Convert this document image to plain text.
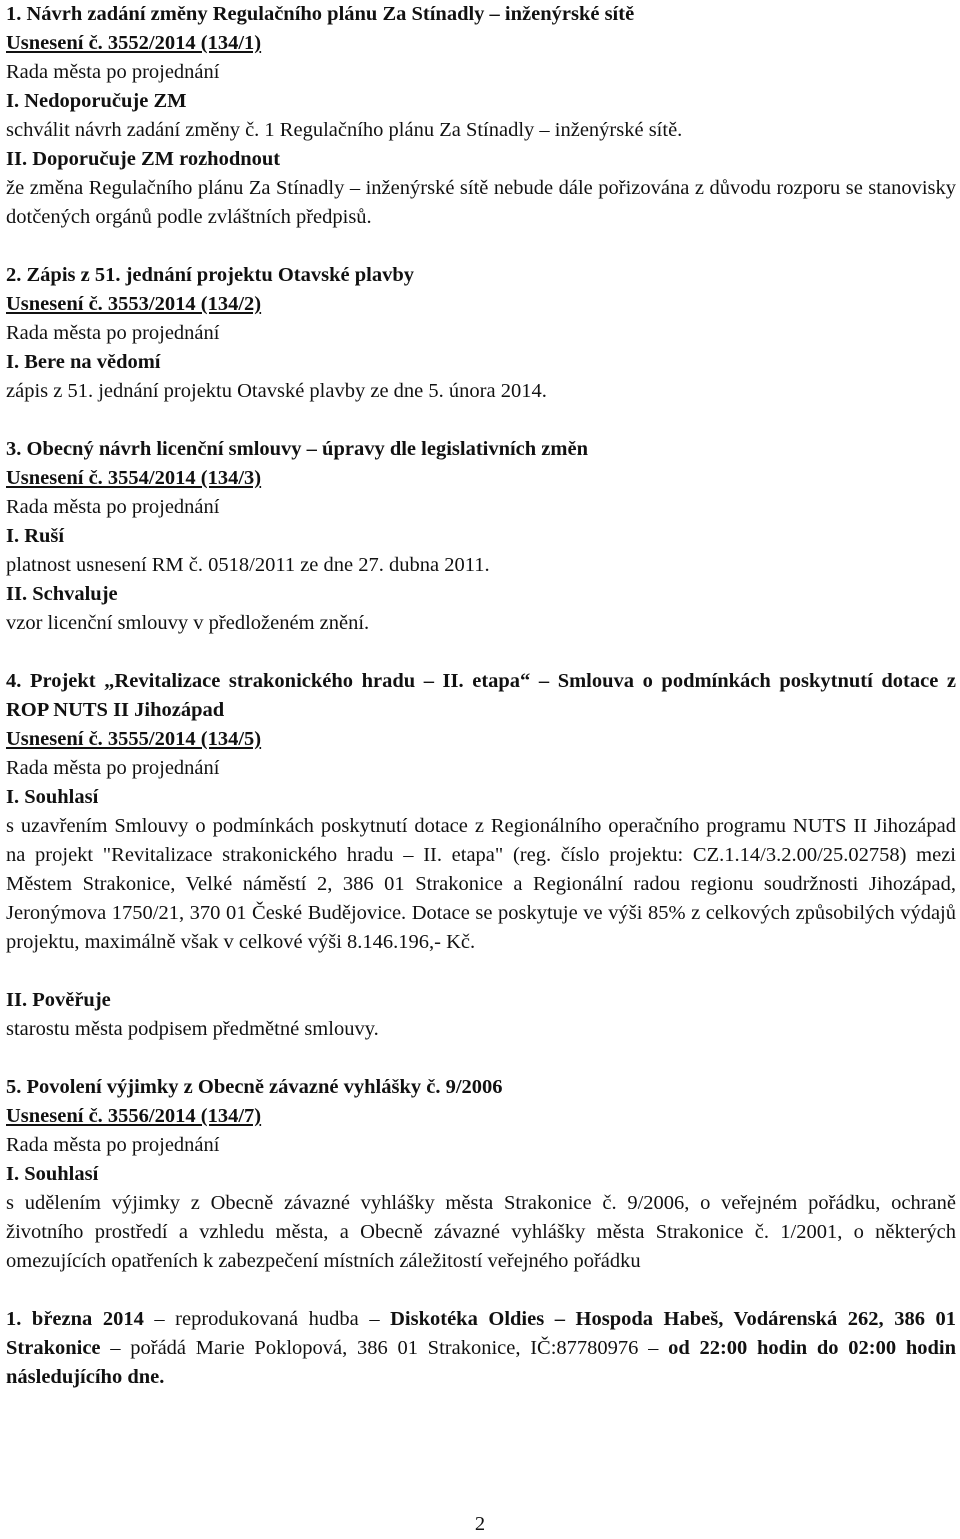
1. Návrh zadání změny Regulačního plánu Za Stínadly – inženýrské sítě
Usnesení č. 3552/2014 (134/1)
Rada města po projednání
I. Nedoporučuje ZM
schválit návrh zadání změny č. 1 Regulačního plánu Za Stínadly – inženýrské sítě.
II. Doporučuje ZM rozhodnout
že změna Regulačního plánu Za Stínadly – inženýrské sítě nebude dále pořizována z důvodu rozporu se stanovisky dotčených orgánů podle zvláštních předpisů.
2. Zápis z 51. jednání projektu Otavské plavby
Usnesení č. 3553/2014 (134/2)
Rada města po projednání
I. Bere na vědomí
zápis z 51. jednání projektu Otavské plavby ze dne 5. února 2014.
3. Obecný návrh licenční smlouvy – úpravy dle legislativních změn
Usnesení č. 3554/2014 (134/3)
Rada města po projednání
I. Ruší
platnost usnesení RM č. 0518/2011 ze dne 27. dubna 2011.
II. Schvaluje
vzor licenční smlouvy v předloženém znění.
4. Projekt „Revitalizace strakonického hradu – II. etapa“ – Smlouva o podmínkách poskytnutí dotace z ROP NUTS II Jihozápad
Usnesení č. 3555/2014 (134/5)
Rada města po projednání
I. Souhlasí
s uzavřením Smlouvy o podmínkách poskytnutí dotace z Regionálního operačního programu NUTS II Jihozápad na projekt "Revitalizace strakonického hradu – II. etapa" (reg. číslo projektu: CZ.1.14/3.2.00/25.02758) mezi Městem Strakonice, Velké náměstí 2, 386 01 Strakonice a Regionální radou regionu soudržnosti Jihozápad, Jeronýmova 1750/21, 370 01 České Budějovice. Dotace se poskytuje ve výši 85% z celkových způsobilých výdajů projektu, maximálně však v celkové výši 8.146.196,- Kč.
II. Pověřuje
starostu města podpisem předmětné smlouvy.
5. Povolení výjimky z Obecně závazné vyhlášky č. 9/2006
Usnesení č. 3556/2014 (134/7)
Rada města po projednání
I. Souhlasí
s udělením výjimky z Obecně závazné vyhlášky města Strakonice č. 9/2006, o veřejném pořádku, ochraně životního prostředí a vzhledu města, a Obecně závazné vyhlášky města Strakonice č. 1/2001, o některých omezujících opatřeních k zabezpečení místních záležitostí veřejného pořádku
1. března 2014 – reprodukovaná hudba – Diskotéka Oldies – Hospoda Habeš, Vodárenská 262, 386 01 Strakonice – pořádá Marie Poklopová, 386 01 Strakonice, IČ:87780976 – od 22:00 hodin do 02:00 hodin následujícího dne.
2
